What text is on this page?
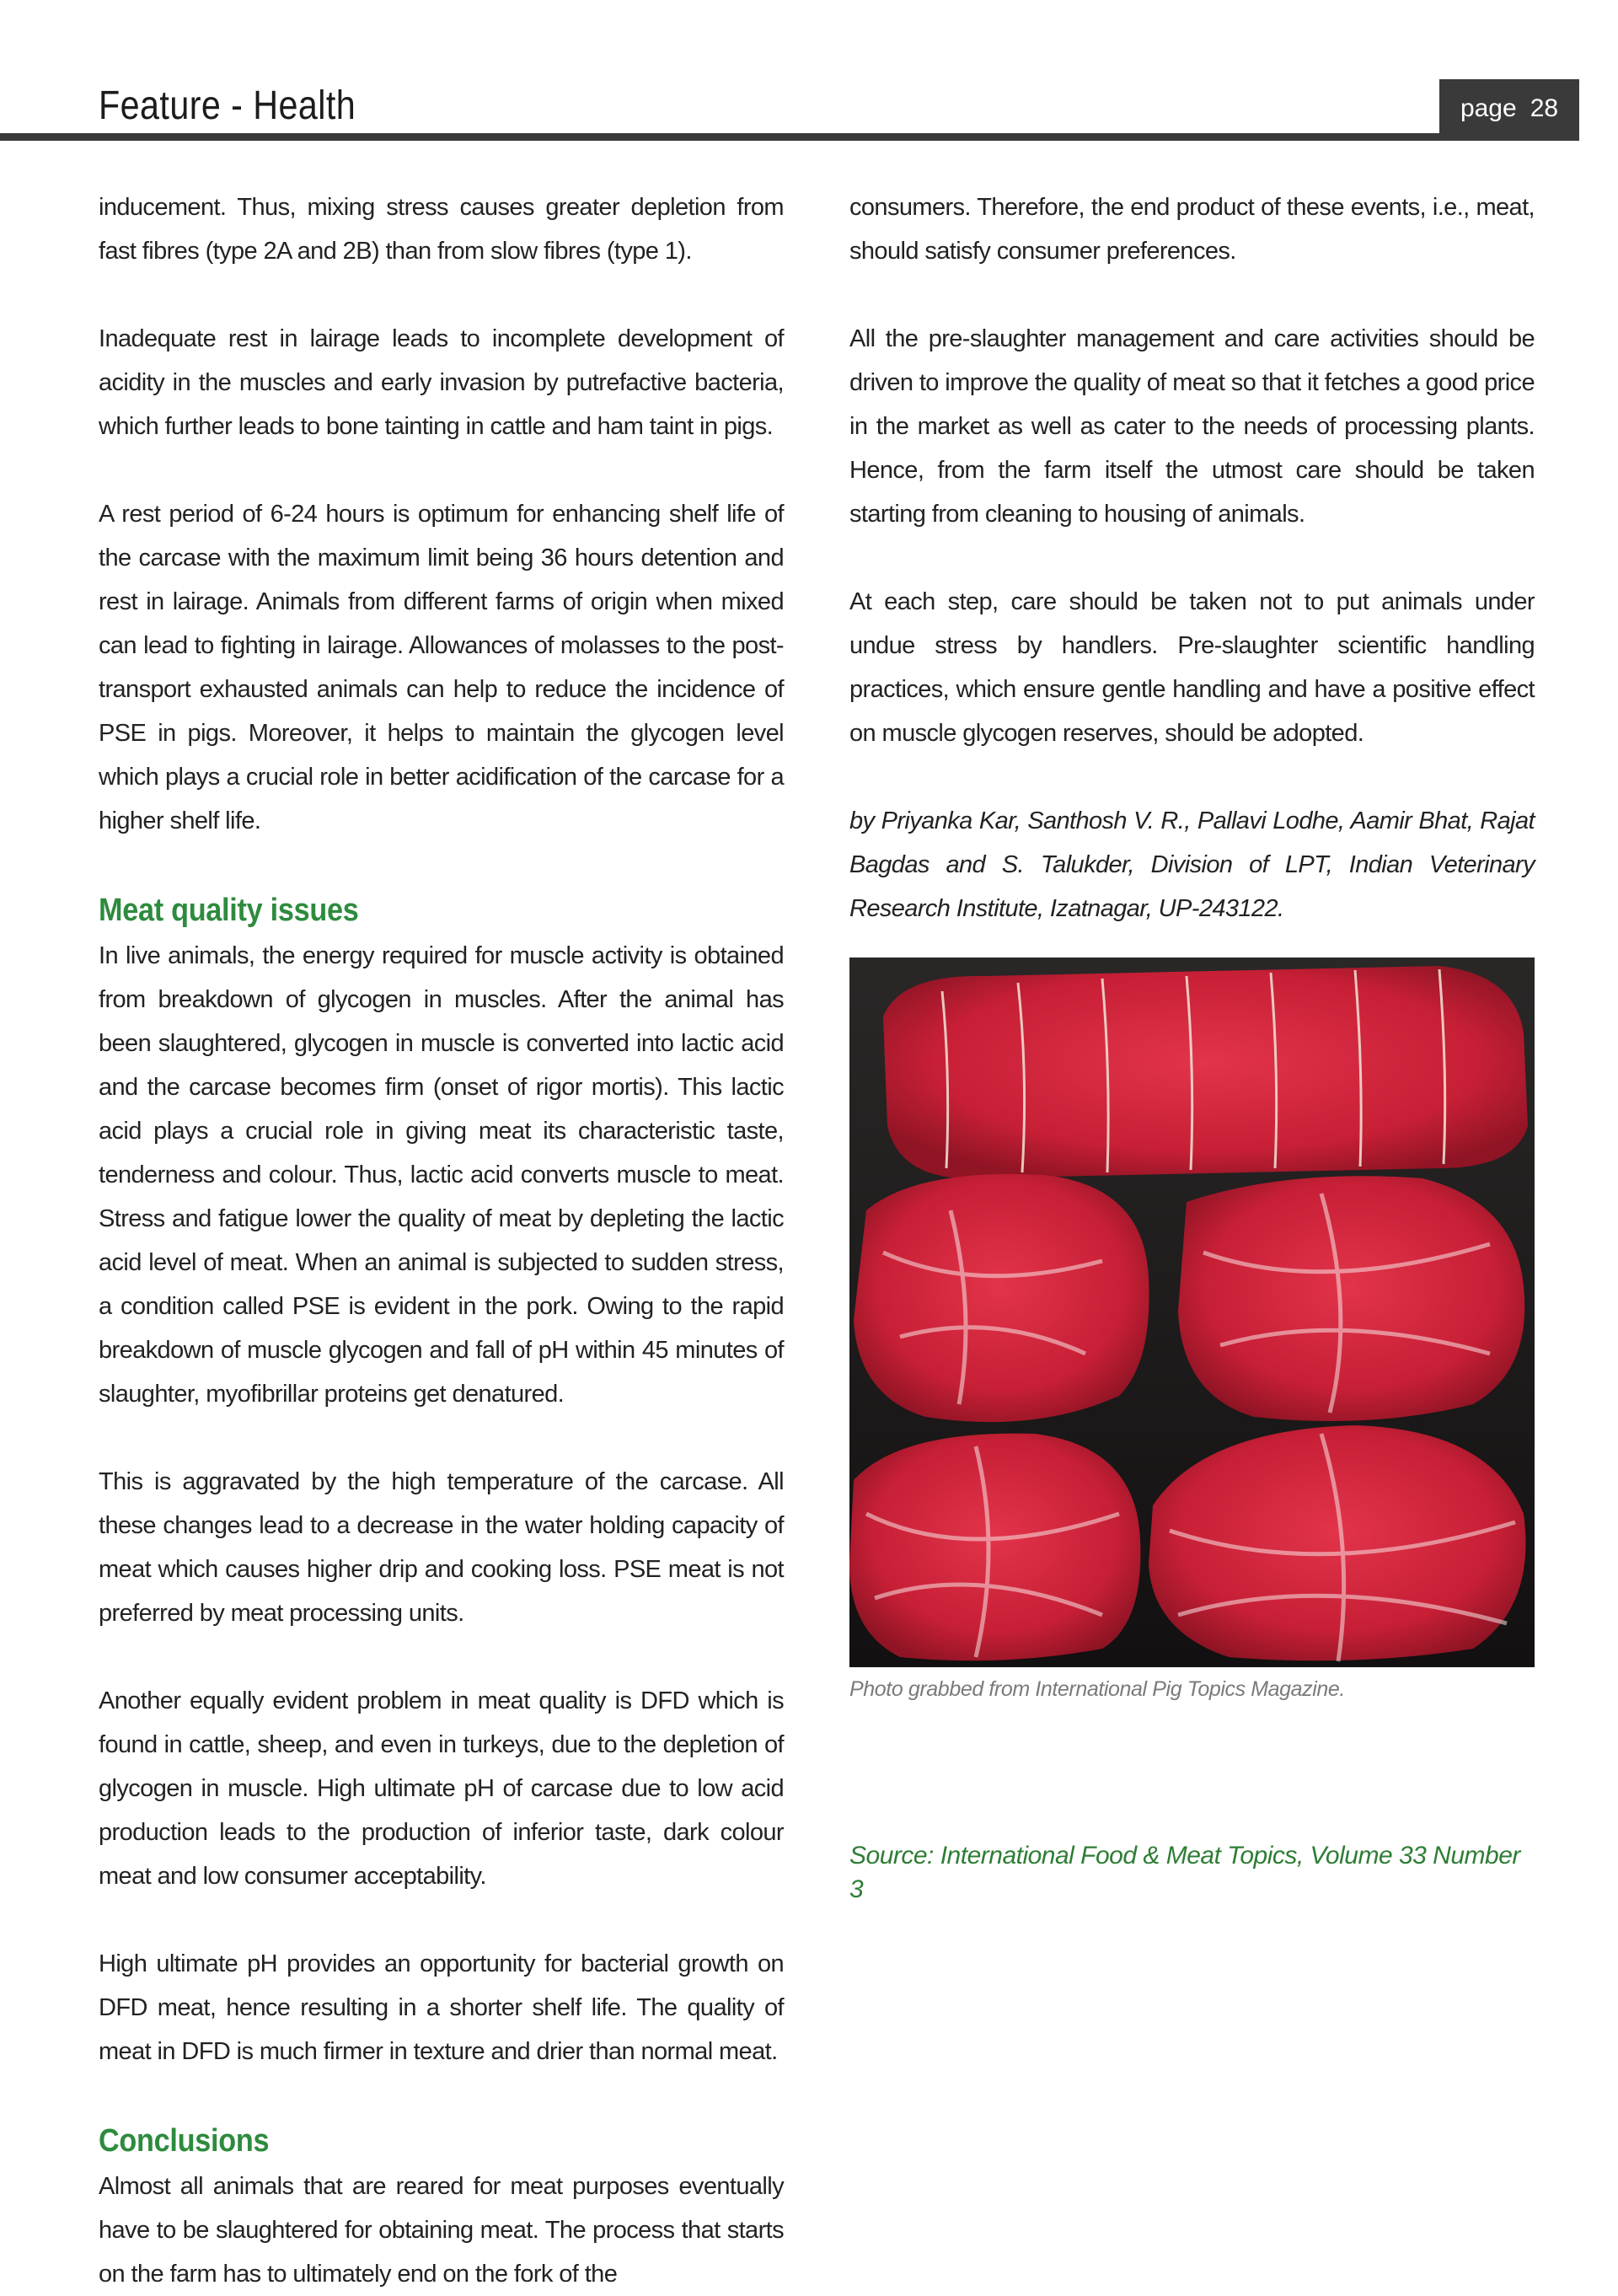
Feature - Health	page 28

inducement. Thus, mixing stress causes greater depletion from fast fibres (type 2A and 2B) than from slow fibres (type 1).

Inadequate rest in lairage leads to incomplete development of acidity in the muscles and early invasion by putrefactive bacteria, which further leads to bone tainting in cattle and ham taint in pigs.

A rest period of 6-24 hours is optimum for enhancing shelf life of the carcase with the maximum limit being 36 hours detention and rest in lairage. Animals from different farms of origin when mixed can lead to fighting in lairage. Allowances of molasses to the post-transport exhausted animals can help to reduce the incidence of PSE in pigs. Moreover, it helps to maintain the glycogen level which plays a crucial role in better acidification of the carcase for a higher shelf life.

Meat quality issues

In live animals, the energy required for muscle activity is obtained from breakdown of glycogen in muscles. After the animal has been slaughtered, glycogen in muscle is converted into lactic acid and the carcase becomes firm (onset of rigor mortis). This lactic acid plays a crucial role in giving meat its characteristic taste, tenderness and colour. Thus, lactic acid converts muscle to meat. Stress and fatigue lower the quality of meat by depleting the lactic acid level of meat. When an animal is subjected to sudden stress, a condition called PSE is evident in the pork. Owing to the rapid breakdown of muscle glycogen and fall of pH within 45 minutes of slaughter, myofibrillar proteins get denatured.

This is aggravated by the high temperature of the carcase. All these changes lead to a decrease in the water holding capacity of meat which causes higher drip and cooking loss. PSE meat is not preferred by meat processing units.

Another equally evident problem in meat quality is DFD which is found in cattle, sheep, and even in turkeys, due to the depletion of glycogen in muscle. High ultimate pH of carcase due to low acid production leads to the production of inferior taste, dark colour meat and low consumer acceptability.

High ultimate pH provides an opportunity for bacterial growth on DFD meat, hence resulting in a shorter shelf life. The quality of meat in DFD is much firmer in texture and drier than normal meat.

Conclusions

Almost all animals that are reared for meat purposes eventually have to be slaughtered for obtaining meat. The process that starts on the farm has to ultimately end on the fork of the

consumers. Therefore, the end product of these events, i.e., meat, should satisfy consumer preferences.

All the pre-slaughter management and care activities should be driven to improve the quality of meat so that it fetches a good price in the market as well as cater to the needs of processing plants. Hence, from the farm itself the utmost care should be taken starting from cleaning to housing of animals.

At each step, care should be taken not to put animals under undue stress by handlers. Pre-slaughter scientific handling practices, which ensure gentle handling and have a positive effect on muscle glycogen reserves, should be adopted.

by Priyanka Kar, Santhosh V. R., Pallavi Lodhe, Aamir Bhat, Rajat Bagdas and S. Talukder, Division of LPT, Indian Veterinary Research Institute, Izatnagar, UP-243122.

Photo grabbed from International Pig Topics Magazine.
Source: International Food & Meat Topics, Volume 33 Number 3
